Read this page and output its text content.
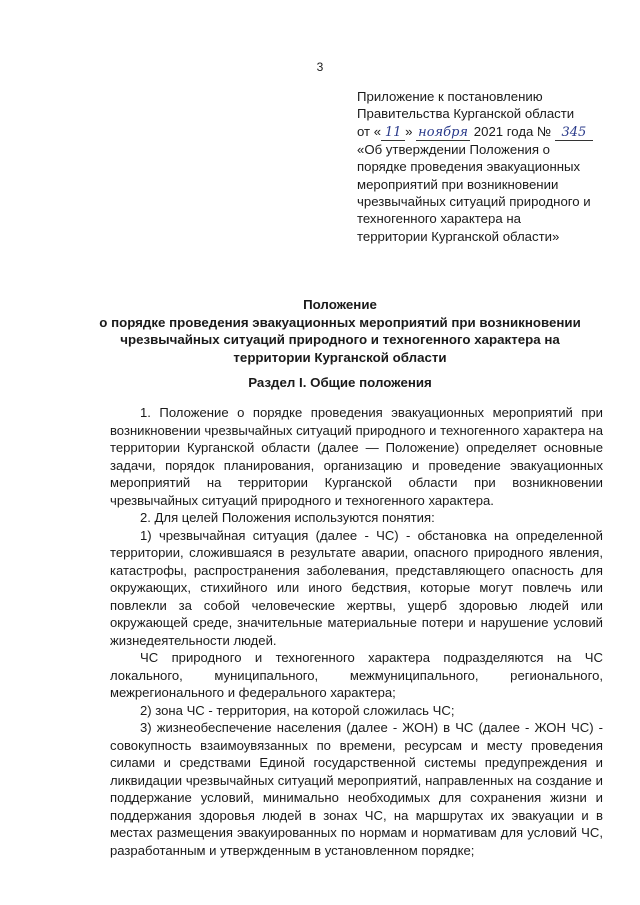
3
Приложение к постановлению
Правительства Курганской области
от « 11 » ноября 2021 года № 345
«Об утверждении Положения о
порядке проведения эвакуационных
мероприятий при возникновении
чрезвычайных ситуаций природного и
техногенного характера на
территории Курганской области»
Положение
о порядке проведения эвакуационных мероприятий при возникновении
чрезвычайных ситуаций природного и техногенного характера на
территории Курганской области
Раздел I. Общие положения

1. Положение о порядке проведения эвакуационных мероприятий при возникновении чрезвычайных ситуаций природного и техногенного характера на территории Курганской области (далее — Положение) определяет основные задачи, порядок планирования, организацию и проведение эвакуационных мероприятий на территории Курганской области при возникновении чрезвычайных ситуаций природного и техногенного характера.

2. Для целей Положения используются понятия:

1) чрезвычайная ситуация (далее - ЧС) - обстановка на определенной территории, сложившаяся в результате аварии, опасного природного явления, катастрофы, распространения заболевания, представляющего опасность для окружающих, стихийного или иного бедствия, которые могут повлечь или повлекли за собой человеческие жертвы, ущерб здоровью людей или окружающей среде, значительные материальные потери и нарушение условий жизнедеятельности людей.

ЧС природного и техногенного характера подразделяются на ЧС локального, муниципального, межмуниципального, регионального, межрегионального и федерального характера;

2) зона ЧС - территория, на которой сложилась ЧС;

3) жизнеобеспечение населения (далее - ЖОН) в ЧС (далее - ЖОН ЧС) - совокупность взаимоувязанных по времени, ресурсам и месту проведения силами и средствами Единой государственной системы предупреждения и ликвидации чрезвычайных ситуаций мероприятий, направленных на создание и поддержание условий, минимально необходимых для сохранения жизни и поддержания здоровья людей в зонах ЧС, на маршрутах их эвакуации и в местах размещения эвакуированных по нормам и нормативам для условий ЧС, разработанным и утвержденным в установленном порядке;
